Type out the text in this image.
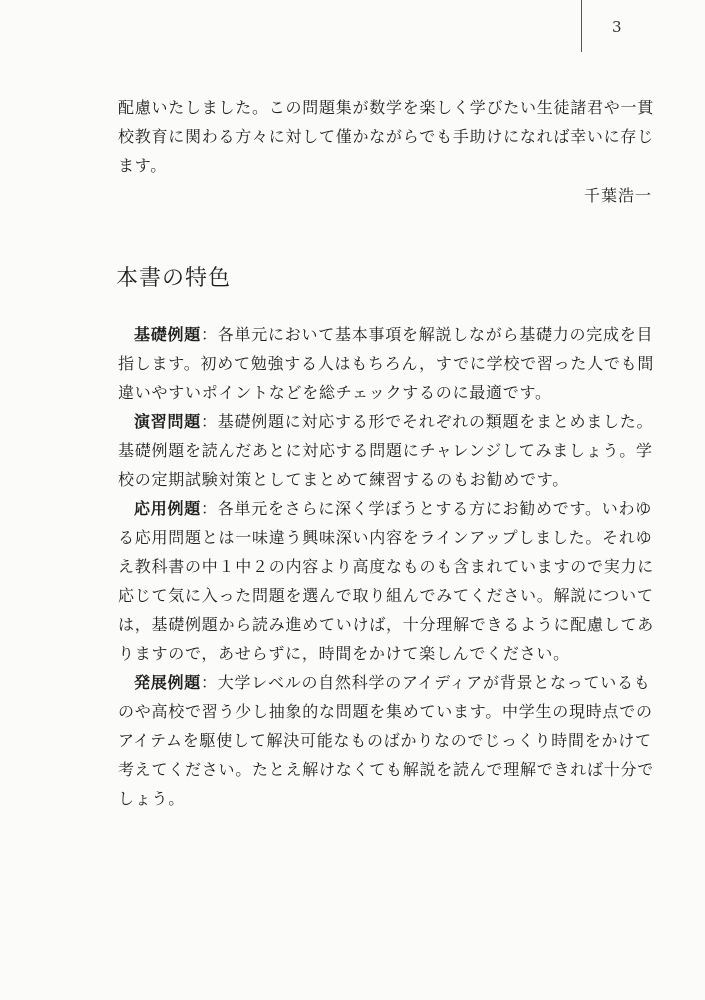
3
配慮いたしました。この問題集が数学を楽しく学びたい生徒諸君や一貫
校教育に関わる方々に対して僅かながらでも手助けになれば幸いに存じ
ます。
千葉浩一
本書の特色
基礎例題：各単元において基本事項を解説しながら基礎力の完成を目
指します。初めて勉強する人はもちろん，すでに学校で習った人でも間
違いやすいポイントなどを総チェックするのに最適です。
演習問題：基礎例題に対応する形でそれぞれの類題をまとめました。
基礎例題を読んだあとに対応する問題にチャレンジしてみましょう。学
校の定期試験対策としてまとめて練習するのもお勧めです。
応用例題：各単元をさらに深く学ぼうとする方にお勧めです。いわゆ
る応用問題とは一味違う興味深い内容をラインアップしました。それゆ
え教科書の中１中２の内容より高度なものも含まれていますので実力に
応じて気に入った問題を選んで取り組んでみてください。解説について
は，基礎例題から読み進めていけば，十分理解できるように配慮してあ
りますので，あせらずに，時間をかけて楽しんでください。
発展例題：大学レベルの自然科学のアイディアが背景となっているも
のや高校で習う少し抽象的な問題を集めています。中学生の現時点での
アイテムを駆使して解決可能なものばかりなのでじっくり時間をかけて
考えてください。たとえ解けなくても解説を読んで理解できれば十分で
しょう。
